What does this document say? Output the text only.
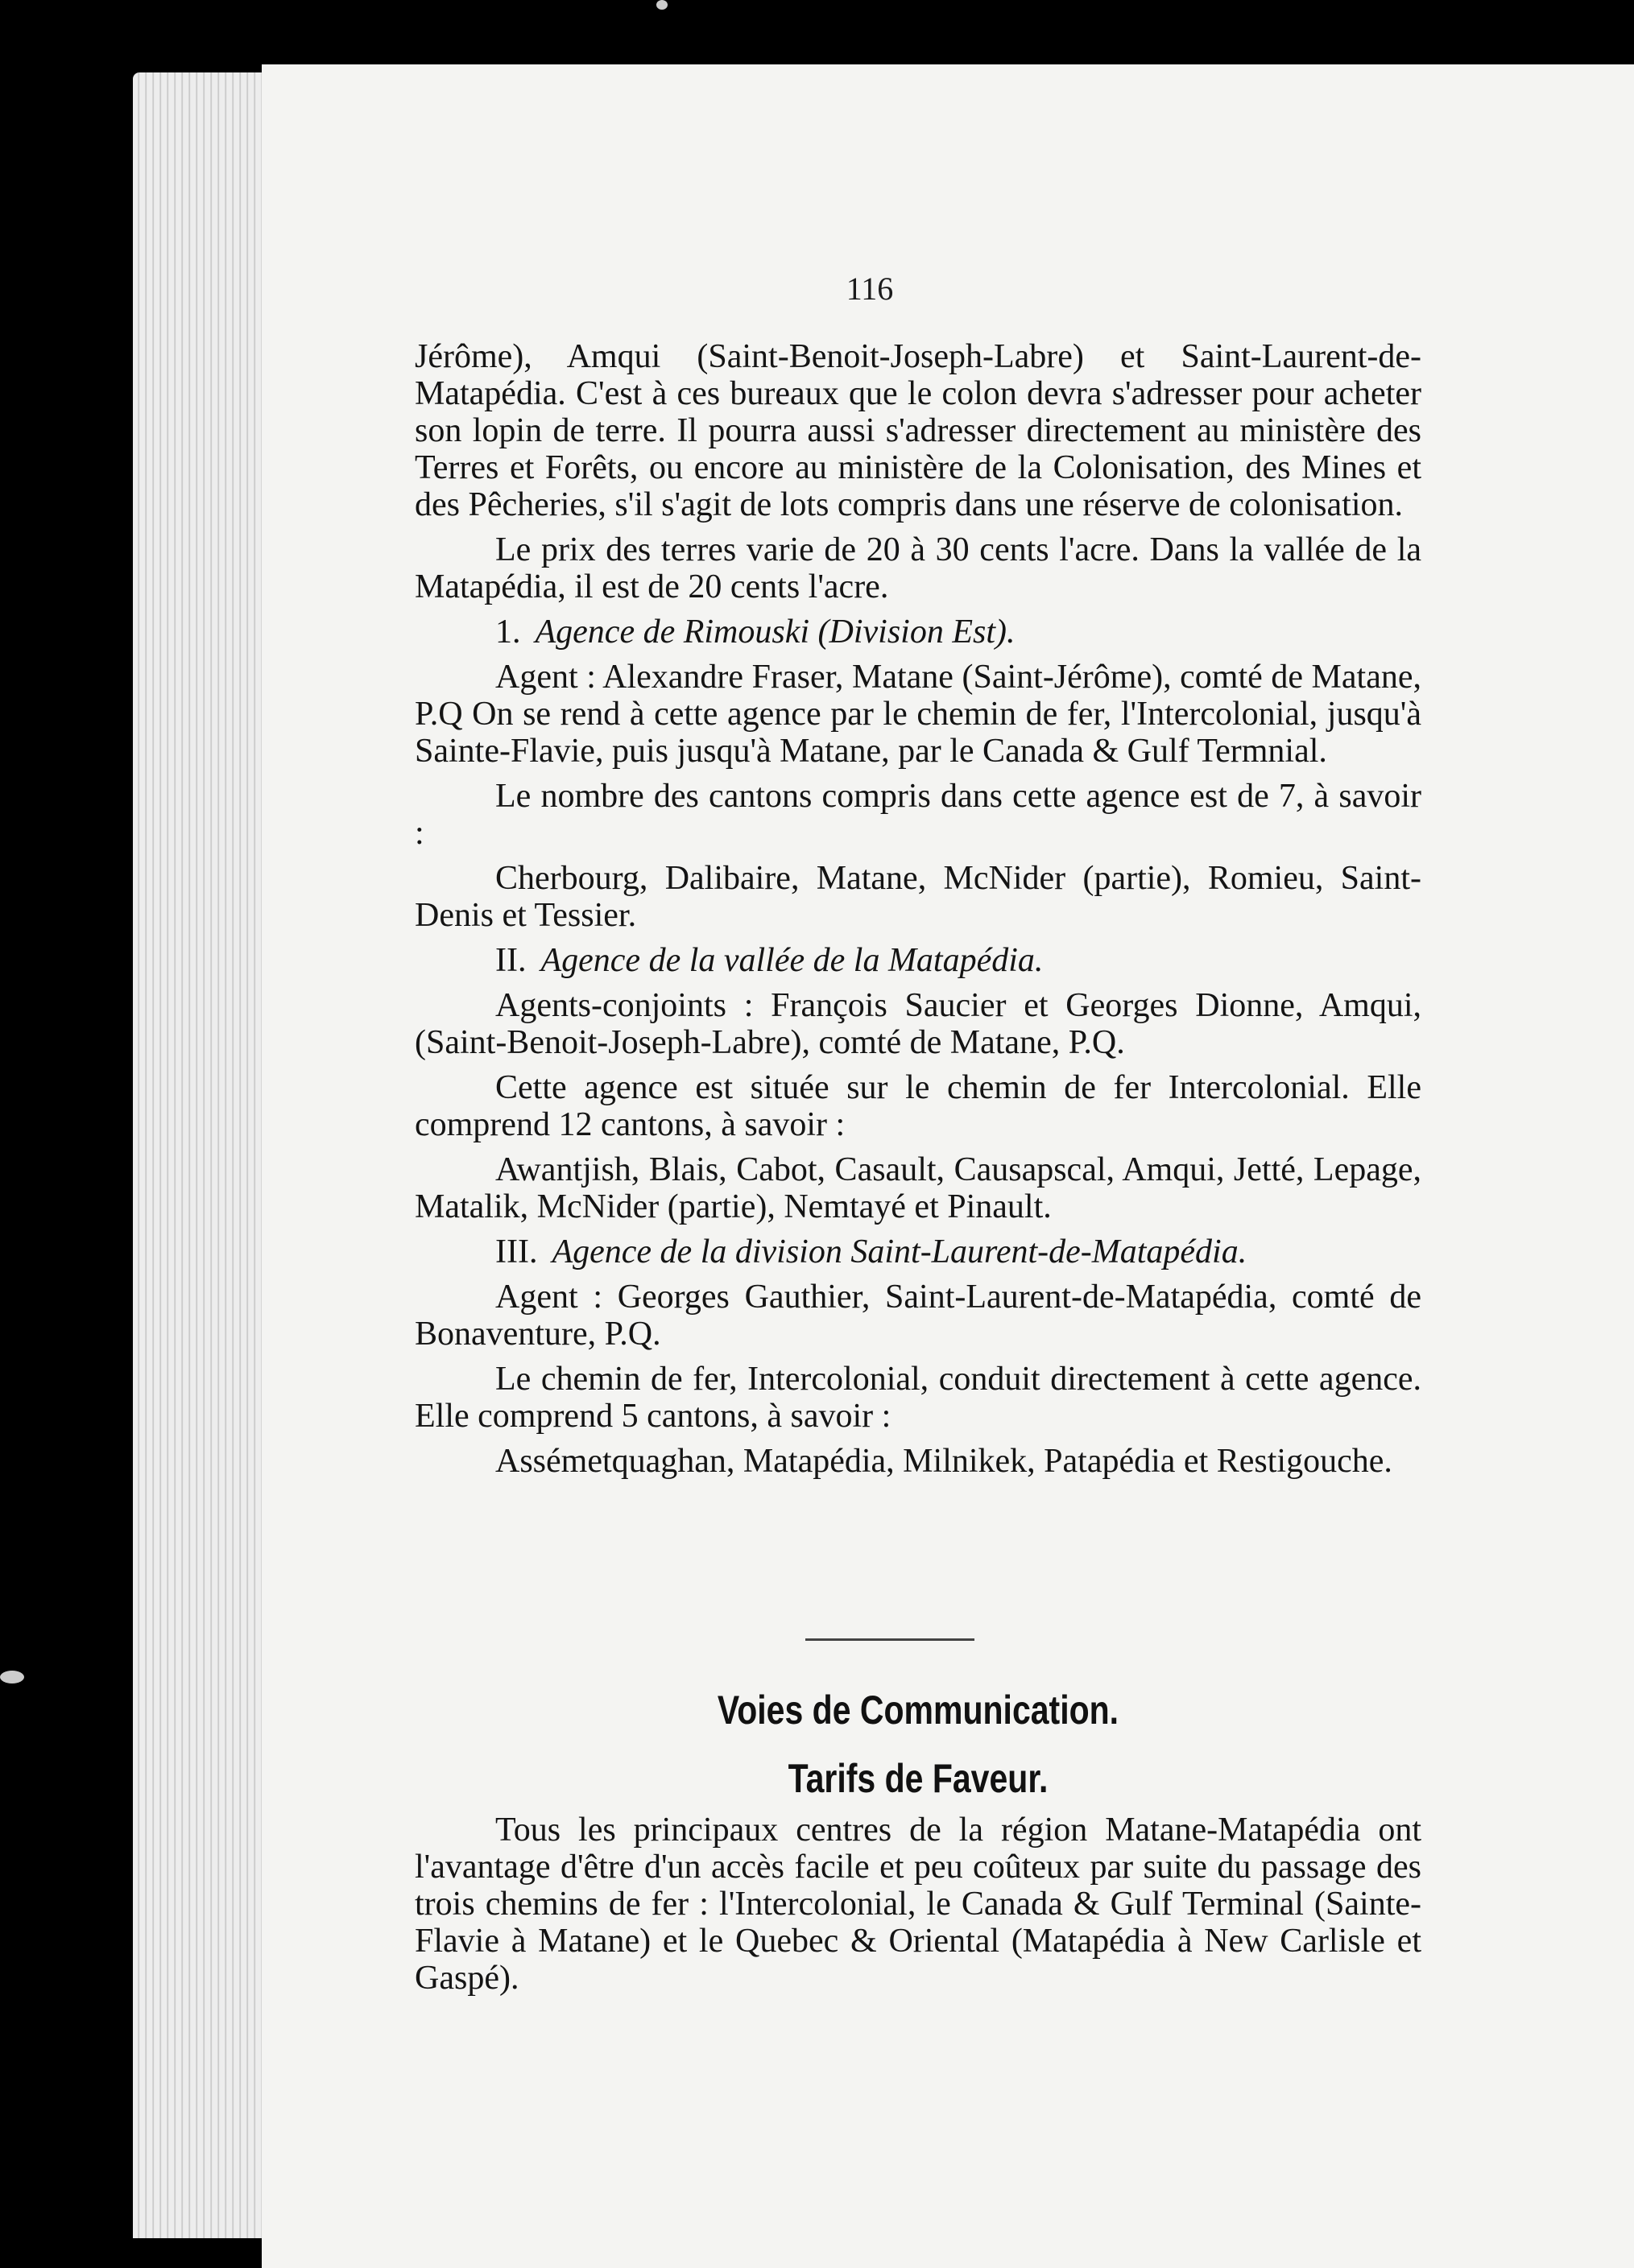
116

Jérôme), Amqui (Saint-Benoit-Joseph-Labre) et Saint-Laurent-de-Matapédia. C'est à ces bureaux que le colon devra s'adresser pour acheter son lopin de terre. Il pourra aussi s'adresser directement au ministère des Terres et Forêts, ou encore au ministère de la Colonisation, des Mines et des Pêcheries, s'il s'agit de lots compris dans une réserve de colonisation.

Le prix des terres varie de 20 à 30 cents l'acre. Dans la vallée de la Matapédia, il est de 20 cents l'acre.

1. Agence de Rimouski (Division Est).

Agent : Alexandre Fraser, Matane (Saint-Jérôme), comté de Matane, P.Q On se rend à cette agence par le chemin de fer, l'Intercolonial, jusqu'à Sainte-Flavie, puis jusqu'à Matane, par le Canada & Gulf Termnial.

Le nombre des cantons compris dans cette agence est de 7, à savoir :

Cherbourg, Dalibaire, Matane, McNider (partie), Romieu, Saint-Denis et Tessier.

II. Agence de la vallée de la Matapédia.

Agents-conjoints : François Saucier et Georges Dionne, Amqui, (Saint-Benoit-Joseph-Labre), comté de Matane, P.Q.

Cette agence est située sur le chemin de fer Intercolonial. Elle comprend 12 cantons, à savoir :

Awantjish, Blais, Cabot, Casault, Causapscal, Amqui, Jetté, Lepage, Matalik, McNider (partie), Nemtayé et Pinault.

III. Agence de la division Saint-Laurent-de-Matapédia.

Agent : Georges Gauthier, Saint-Laurent-de-Matapédia, comté de Bonaventure, P.Q.

Le chemin de fer, Intercolonial, conduit directement à cette agence. Elle comprend 5 cantons, à savoir :

Assémetquaghan, Matapédia, Milnikek, Patapédia et Restigouche.

Voies de Communication.
Tarifs de Faveur.

Tous les principaux centres de la région Matane-Matapédia ont l'avantage d'être d'un accès facile et peu coûteux par suite du passage des trois chemins de fer : l'Intercolonial, le Canada & Gulf Terminal (Sainte-Flavie à Matane) et le Quebec & Oriental (Matapédia à New Carlisle et Gaspé).
